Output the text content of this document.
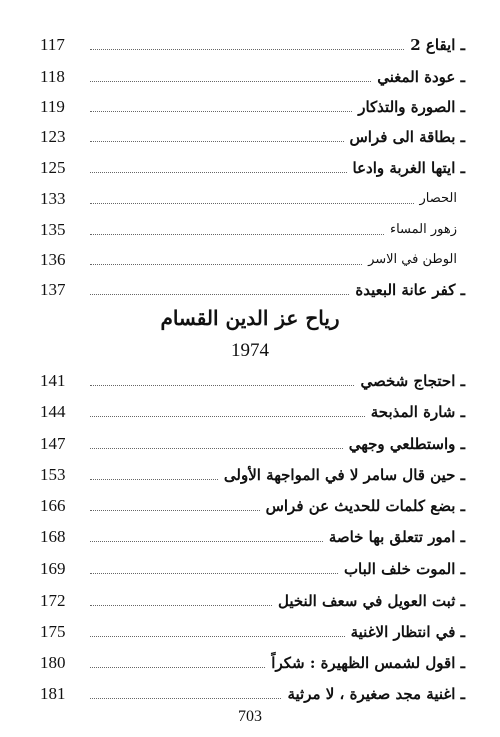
117	ـ ايقاع 2
118	ـ عودة المغني
119	ـ الصورة والتذكار
123	ـ بطاقة الى فراس
125	ـ ايتها الغربة وادعا
133	الحصار
135	زهور المساء
136	الوطن في الاسر
137	ـ كفر عانة البعيدة
رياح عز الدين القسام
1974
141	ـ احتجاج شخصي
144	ـ شارة المذبحة
147	ـ واستطلعي وجهي
153	ـ حين قال سامر لا في المواجهة الأولى
166	ـ بضع كلمات للحديث عن فراس
168	ـ امور تتعلق بها خاصة
169	ـ الموت خلف الباب
172	ـ ثبت العويل في سعف النخيل
175	ـ في انتظار الاغنية
180	ـ اقول لشمس الظهيرة : شكراً
181	ـ اغنية مجد صغيرة ، لا مرثية
703
